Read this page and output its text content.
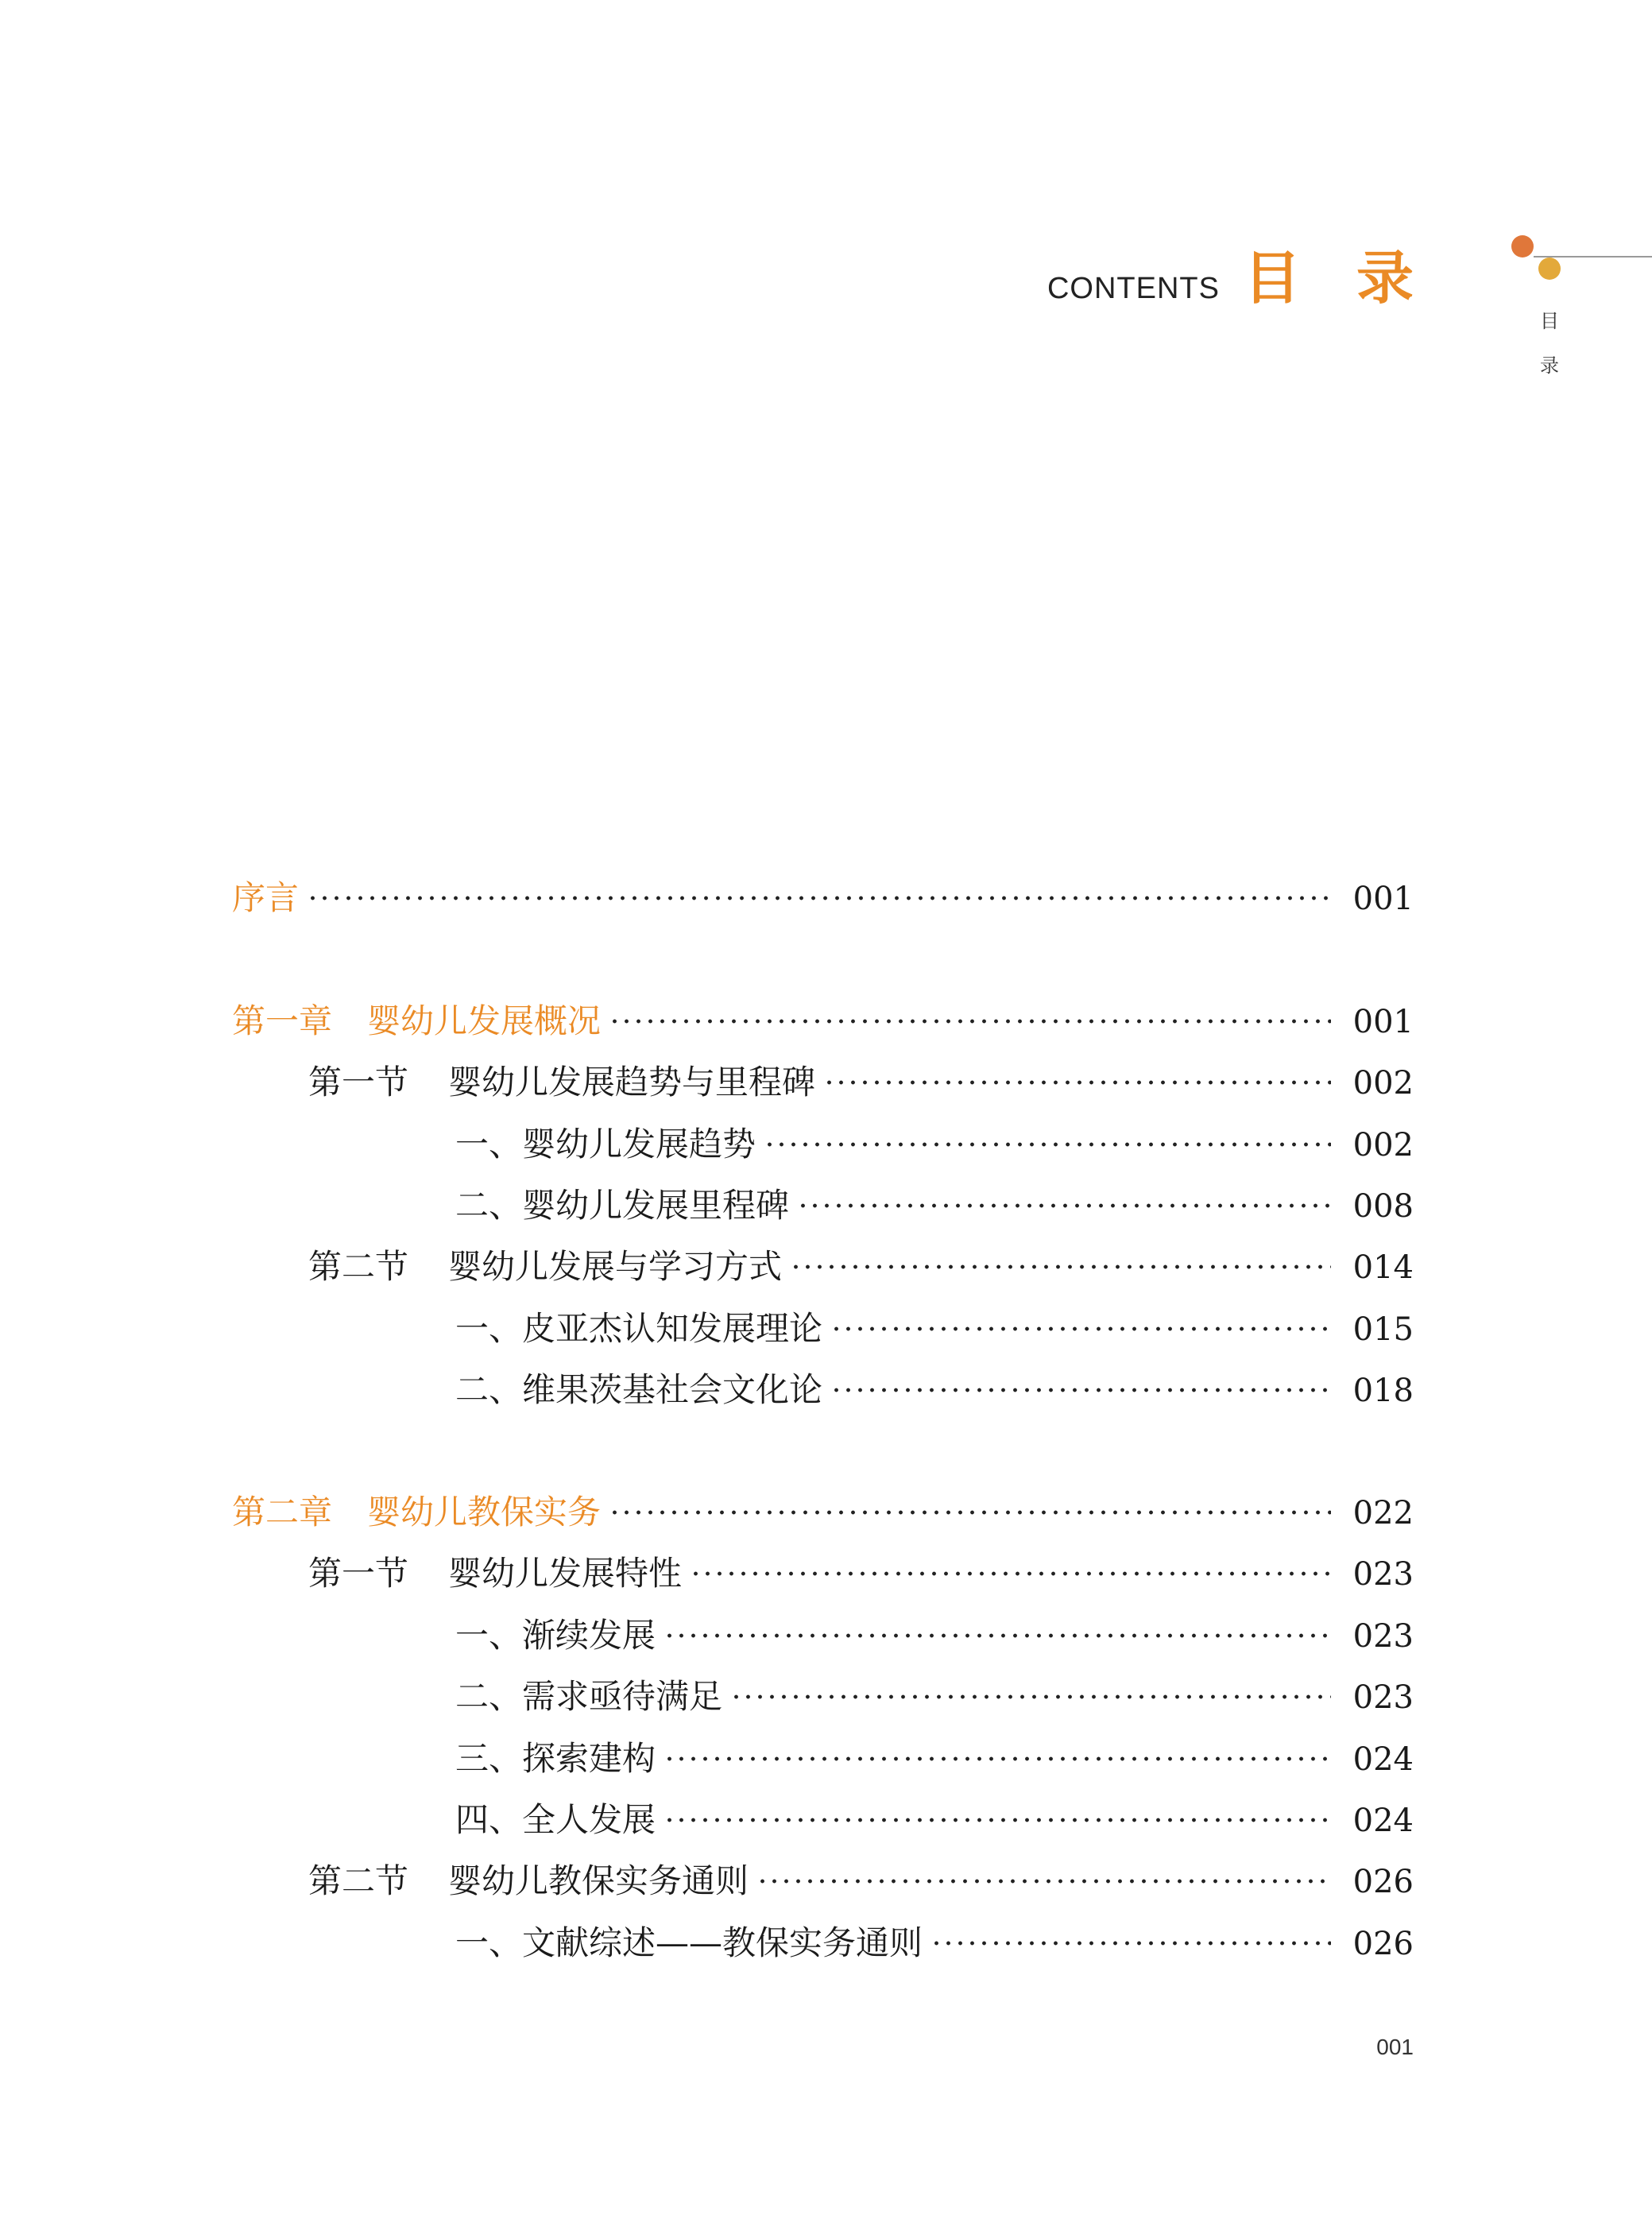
CONTENTS 目录
目
录
序言	001
第一章 婴幼儿发展概况	001
第一节 婴幼儿发展趋势与里程碑	002
一、婴幼儿发展趋势	002
二、婴幼儿发展里程碑	008
第二节 婴幼儿发展与学习方式	014
一、皮亚杰认知发展理论	015
二、维果茨基社会文化论	018
第二章 婴幼儿教保实务	022
第一节 婴幼儿发展特性	023
一、渐续发展	023
二、需求亟待满足	023
三、探索建构	024
四、全人发展	024
第二节 婴幼儿教保实务通则	026
一、文献综述——教保实务通则	026
001
